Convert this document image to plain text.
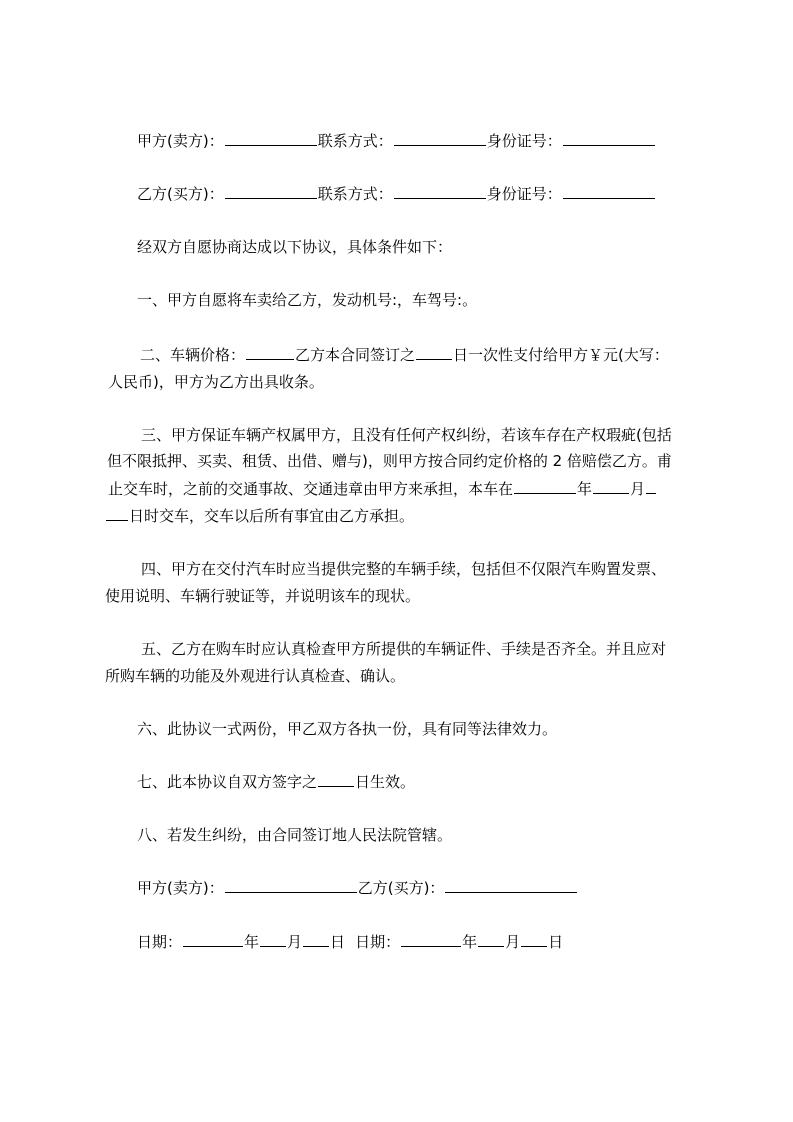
甲方(卖方)：	联系方式：	身份证号：
乙方(买方)：	联系方式：	身份证号：
经双方自愿协商达成以下协议，具体条件如下：
一、甲方自愿将车卖给乙方，发动机号:，车驾号:。
二、车辆价格：	乙方本合同签订之	日一次性支付给甲方￥元(大写：
人民币)，甲方为乙方出具收条。
三、甲方保证车辆产权属甲方，且没有任何产权纠纷，若该车存在产权瑕疵(包括
但不限抵押、买卖、租赁、出借、赠与)，则甲方按合同约定价格的 2 倍赔偿乙方。甫
止交车时，之前的交通事故、交通违章由甲方来承担，本车在	年	月
日时交车，交车以后所有事宜由乙方承担。
四、甲方在交付汽车时应当提供完整的车辆手续，包括但不仅限汽车购置发票、
使用说明、车辆行驶证等，并说明该车的现状。
五、乙方在购车时应认真检查甲方所提供的车辆证件、手续是否齐全。并且应对
所购车辆的功能及外观进行认真检查、确认。
六、此协议一式两份，甲乙双方各执一份，具有同等法律效力。
七、此本协议自双方签字之	日生效。
八、若发生纠纷，由合同签订地人民法院管辖。
甲方(卖方)：	乙方(买方)：
日期：	年 月 日 日期：	年 月 日
